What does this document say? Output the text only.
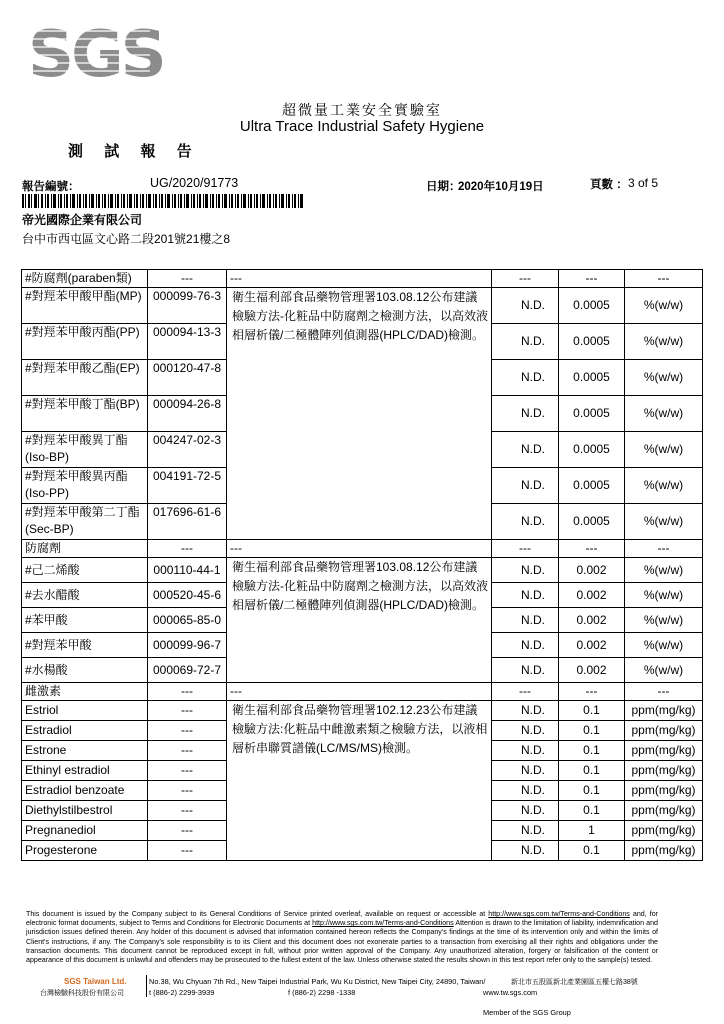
SGS
超微量工業安全實驗室
Ultra Trace Industrial Safety Hygiene
測 試 報 告
報告編號：	UG/2020/91773	日期：
2020年10月19日	頁數 ： 3 of 5
帝光國際企業有限公司
台中市西屯區文心路二段201號21樓之8
#防腐劑(paraben類)	---	---	---	---	---
#對羥苯甲酸甲酯(MP)	000099-76-3	衛生福利部食品藥物管理署103.08.12公布建議檢驗方法-化粧品中防腐劑之檢測方法，以高效液相層析儀/二極體陣列偵測器(HPLC/DAD)檢測。	N.D.	0.0005	%(w/w)
#對羥苯甲酸丙酯(PP)	000094-13-3		N.D.	0.0005	%(w/w)
#對羥苯甲酸乙酯(EP)	000120-47-8		N.D.	0.0005	%(w/w)
#對羥苯甲酸丁酯(BP)	000094-26-8		N.D.	0.0005	%(w/w)
#對羥苯甲酸異丁酯(Iso-BP)	004247-02-3		N.D.	0.0005	%(w/w)
#對羥苯甲酸異丙酯(Iso-PP)	004191-72-5		N.D.	0.0005	%(w/w)
#對羥苯甲酸第二丁酯(Sec-BP)	017696-61-6		N.D.	0.0005	%(w/w)
防腐劑	---	---	---	---	---
#己二烯酸	000110-44-1	衛生福利部食品藥物管理署103.08.12公布建議檢驗方法-化粧品中防腐劑之檢測方法，以高效液相層析儀/二極體陣列偵測器(HPLC/DAD)檢測。	N.D.	0.002	%(w/w)
#去水醋酸	000520-45-6		N.D.	0.002	%(w/w)
#苯甲酸	000065-85-0		N.D.	0.002	%(w/w)
#對羥苯甲酸	000099-96-7		N.D.	0.002	%(w/w)
#水楊酸	000069-72-7		N.D.	0.002	%(w/w)
雌激素	---	---	---	---	---
Estriol	---	衛生福利部食品藥物管理署102.12.23公布建議檢驗方法:化粧品中雌激素類之檢驗方法，以液相層析串聯質譜儀(LC/MS/MS)檢測。	N.D.	0.1	ppm(mg/kg)
Estradiol	---		N.D.	0.1	ppm(mg/kg)
Estrone	---		N.D.	0.1	ppm(mg/kg)
Ethinyl estradiol	---		N.D.	0.1	ppm(mg/kg)
Estradiol benzoate	---		N.D.	0.1	ppm(mg/kg)
Diethylstilbestrol	---		N.D.	0.1	ppm(mg/kg)
Pregnanediol	---		N.D.	1	ppm(mg/kg)
Progesterone	---		N.D.	0.1	ppm(mg/kg)
This document is issued by the Company subject to its General Conditions of Service printed overleaf, available on request or accessible at http://www.sgs.com.tw/Terms-and-Conditions and, for electronic format documents, subject to Terms and Conditions for Electronic Documents at http://www.sgs.com.tw/Terms-and-Conditions Attention is drawn to the limitation of liability, indemnification and jurisdiction issues defined therein. Any holder of this document is advised that information contained hereon reflects the Company's findings at the time of its intervention only and within the limits of Client's instructions, if any. The Company's sole responsibility is to its Client and this document does not exonerate parties to a transaction from exercising all their rights and obligations under the transaction documents. This document cannot be reproduced except in full, without prior written approval of the Company. Any unauthorized alteration, forgery or falsification of the content or appearance of this document is unlawful and offenders may be prosecuted to the fullest extent of the law. Unless otherwise stated the results shown in this test report refer only to the sample(s) tested.
SGS Taiwan Ltd.	No.38, Wu Chyuan 7th Rd., New Taipei Industrial Park, Wu Ku District, New Taipei City, 24890, Taiwan/	新北市五股區新北產業園區五權七路38號
台灣檢驗科技股份有限公司	t (886-2) 2299-3939	f (886-2) 2298 -1338	www.tw.sgs.com
Member of the SGS Group
